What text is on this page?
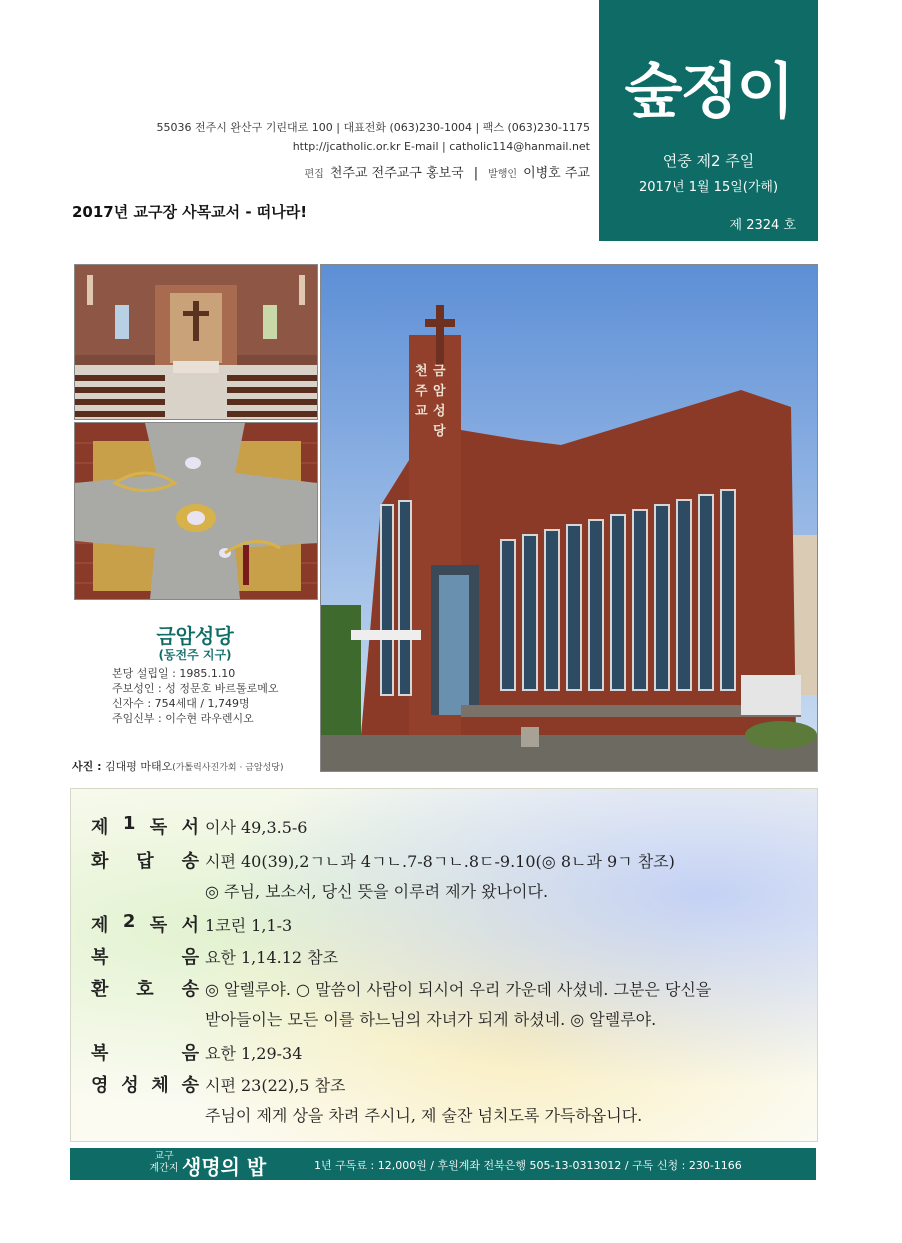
숲정이
연중 제2 주일
2017년 1월 15일(가해)
제 2324 호
55036 전주시 완산구 기린대로 100 | 대표전화 (063)230-1004 | 팩스 (063)230-1175
http://jcatholic.or.kr E-mail | catholic114@hanmail.net
편집 천주교 전주교구 홍보국 | 발행인 이병호 주교
2017년 교구장 사목교서 - 떠나라!
천
주
교
금
암
성
당
금암성당
(동전주 지구)
본당 설립일 : 1985.1.10
주보성인 : 성 정문호 바르톨로메오
신자수 : 754세대 / 1,749명
주임신부 : 이수현 라우렌시오
사진 : 김대평 마태오(가톨릭사진가회 · 금암성당)
제 1 독 서 이사 49,3.5-6
화 답 송 시편 40(39),2ㄱㄴ과 4ㄱㄴ.7-8ㄱㄴ.8ㄷ-9.10(◎ 8ㄴ과 9ㄱ 참조)
◎ 주님, 보소서, 당신 뜻을 이루려 제가 왔나이다.
제 2 독 서 1코린 1,1-3
복	음 요한 1,14.12 참조
환 호 송 ◎ 알렐루야. ○ 말씀이 사람이 되시어 우리 가운데 사셨네. 그분은 당신을
받아들이는 모든 이를 하느님의 자녀가 되게 하셨네. ◎ 알렐루야.
복	음 요한 1,29-34
영 성 체 송 시편 23(22),5 참조
주님이 제게 상을 차려 주시니, 제 술잔 넘치도록 가득하옵니다.
교구
계간지 생명의 밥	1년 구독료 : 12,000원 / 후원계좌 전북은행 505-13-0313012 / 구독 신청 : 230-1166
